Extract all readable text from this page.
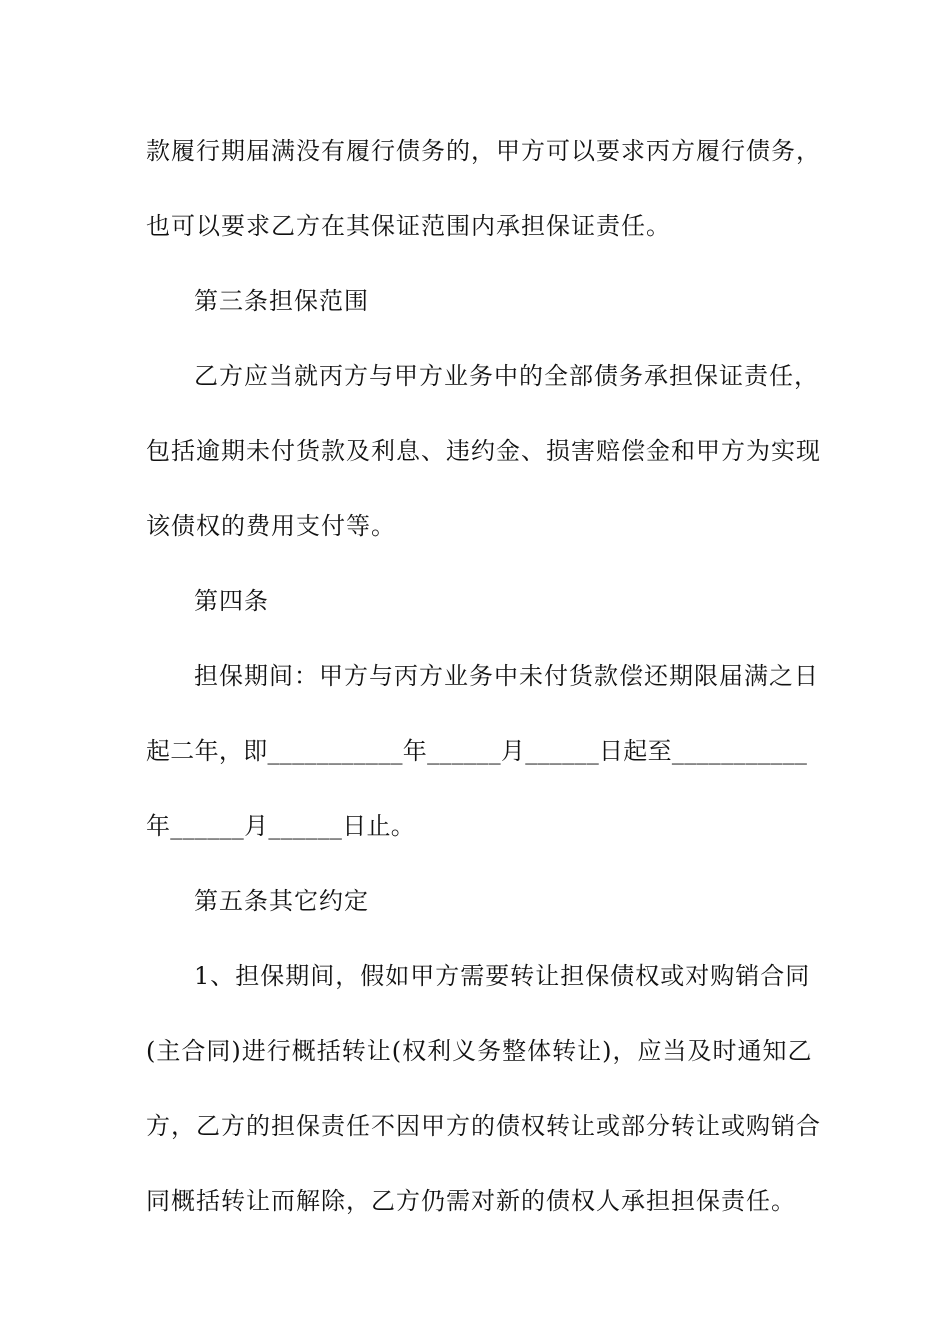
款履行期届满没有履行债务的，甲方可以要求丙方履行债务，
也可以要求乙方在其保证范围内承担保证责任。
第三条担保范围
乙方应当就丙方与甲方业务中的全部债务承担保证责任，
包括逾期未付货款及利息、违约金、损害赔偿金和甲方为实现
该债权的费用支付等。
第四条
担保期间：甲方与丙方业务中未付货款偿还期限届满之日
起二年，即___________年______月______日起至___________
年______月______日止。
第五条其它约定
1、担保期间，假如甲方需要转让担保债权或对购销合同
(主合同)进行概括转让(权利义务整体转让)，应当及时通知乙
方，乙方的担保责任不因甲方的债权转让或部分转让或购销合
同概括转让而解除，乙方仍需对新的债权人承担担保责任。
